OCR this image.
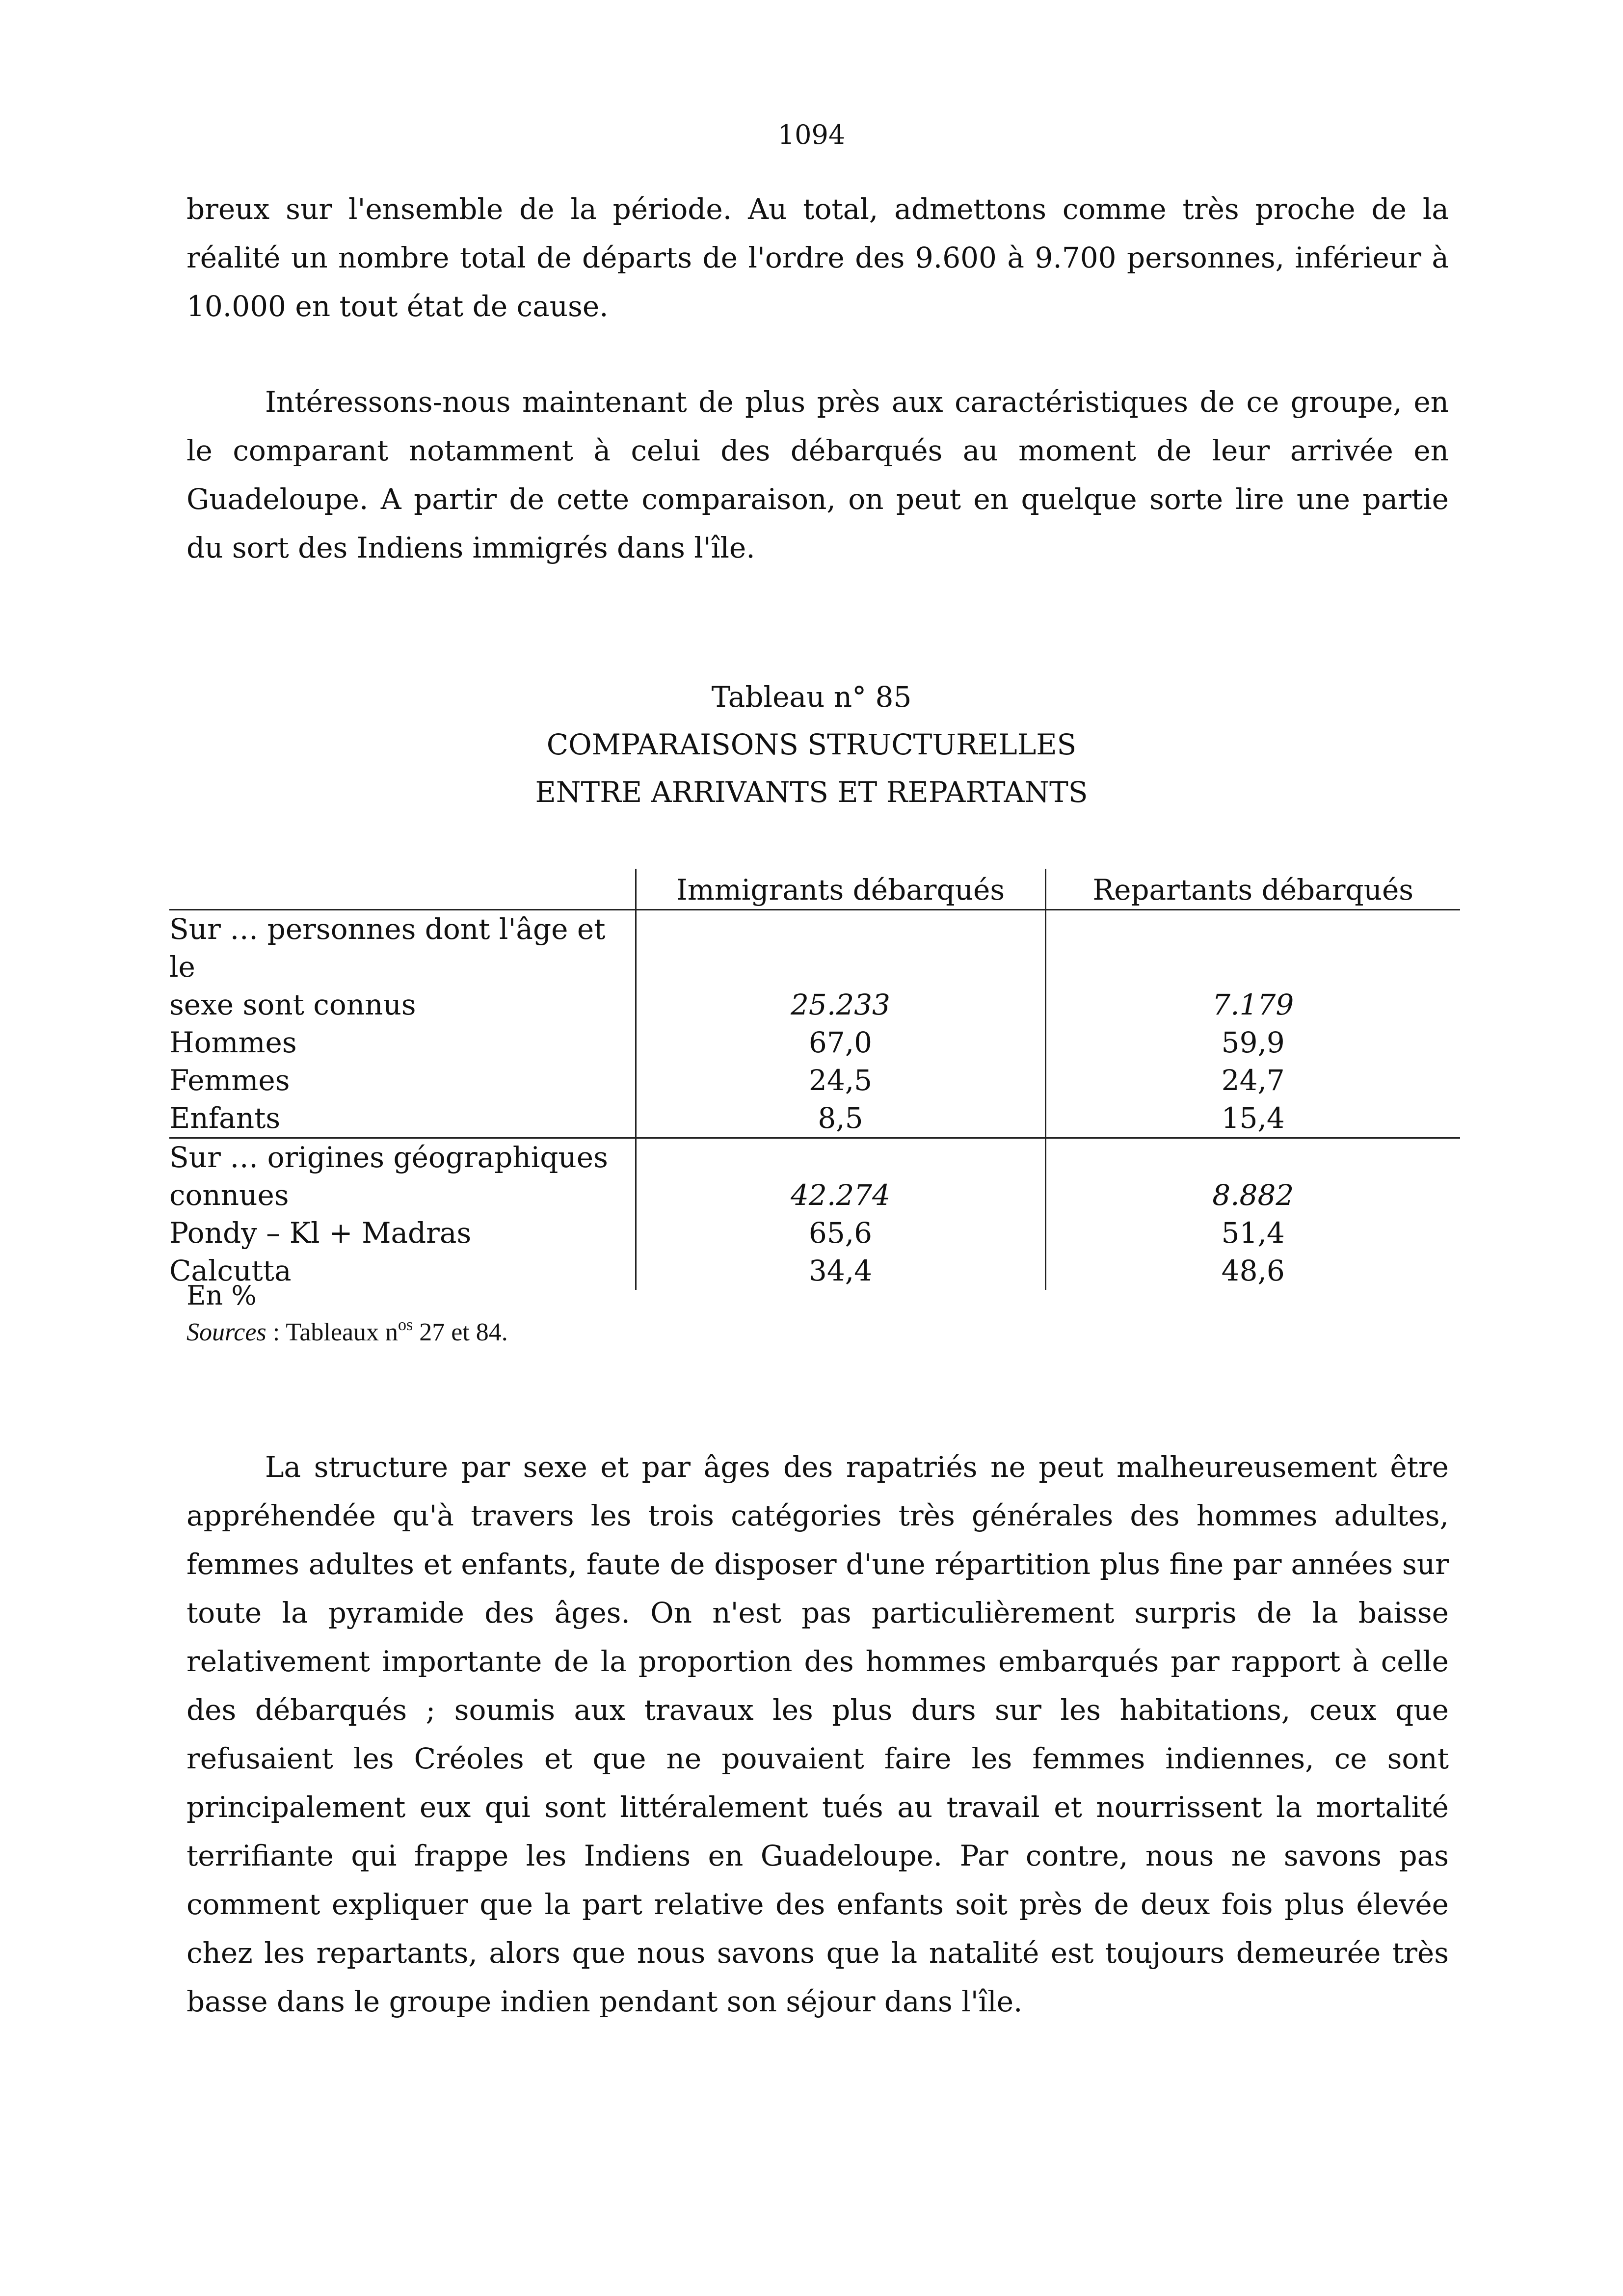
1094

breux sur l'ensemble de la période. Au total, admettons comme très proche de la réalité un nombre total de départs de l'ordre des 9.600 à 9.700 personnes, inférieur à 10.000 en tout état de cause.

Intéressons-nous maintenant de plus près aux caractéristiques de ce groupe, en le comparant notamment à celui des débarqués au moment de leur arrivée en Guadeloupe. A partir de cette comparaison, on peut en quelque sorte lire une partie du sort des Indiens immigrés dans l'île.

Tableau n° 85
COMPARAISONS STRUCTURELLES
ENTRE ARRIVANTS ET REPARTANTS
	Immigrants débarqués	Repartants débarqués
Sur … personnes dont l'âge et le		
sexe sont connus	25.233	7.179
Hommes	67,0	59,9
Femmes	24,5	24,7
Enfants	8,5	15,4
Sur … origines géographiques		
connues	42.274	8.882
Pondy – Kl + Madras	65,6	51,4
Calcutta	34,4	48,6

En %

Sources : Tableaux $n^{os}$ 27 et 84.

La structure par sexe et par âges des rapatriés ne peut malheureusement être appréhendée qu'à travers les trois catégories très générales des hommes adultes, femmes adultes et enfants, faute de disposer d'une répartition plus fine par années sur toute la pyramide des âges. On n'est pas particulièrement surpris de la baisse relativement importante de la proportion des hommes embarqués par rapport à celle des débarqués ; soumis aux travaux les plus durs sur les habitations, ceux que refusaient les Créoles et que ne pouvaient faire les femmes indiennes, ce sont principalement eux qui sont littéralement tués au travail et nourrissent la mortalité terrifiante qui frappe les Indiens en Guadeloupe. Par contre, nous ne savons pas comment expliquer que la part relative des enfants soit près de deux fois plus élevée chez les repartants, alors que nous savons que la natalité est toujours demeurée très basse dans le groupe indien pendant son séjour dans l'île.
